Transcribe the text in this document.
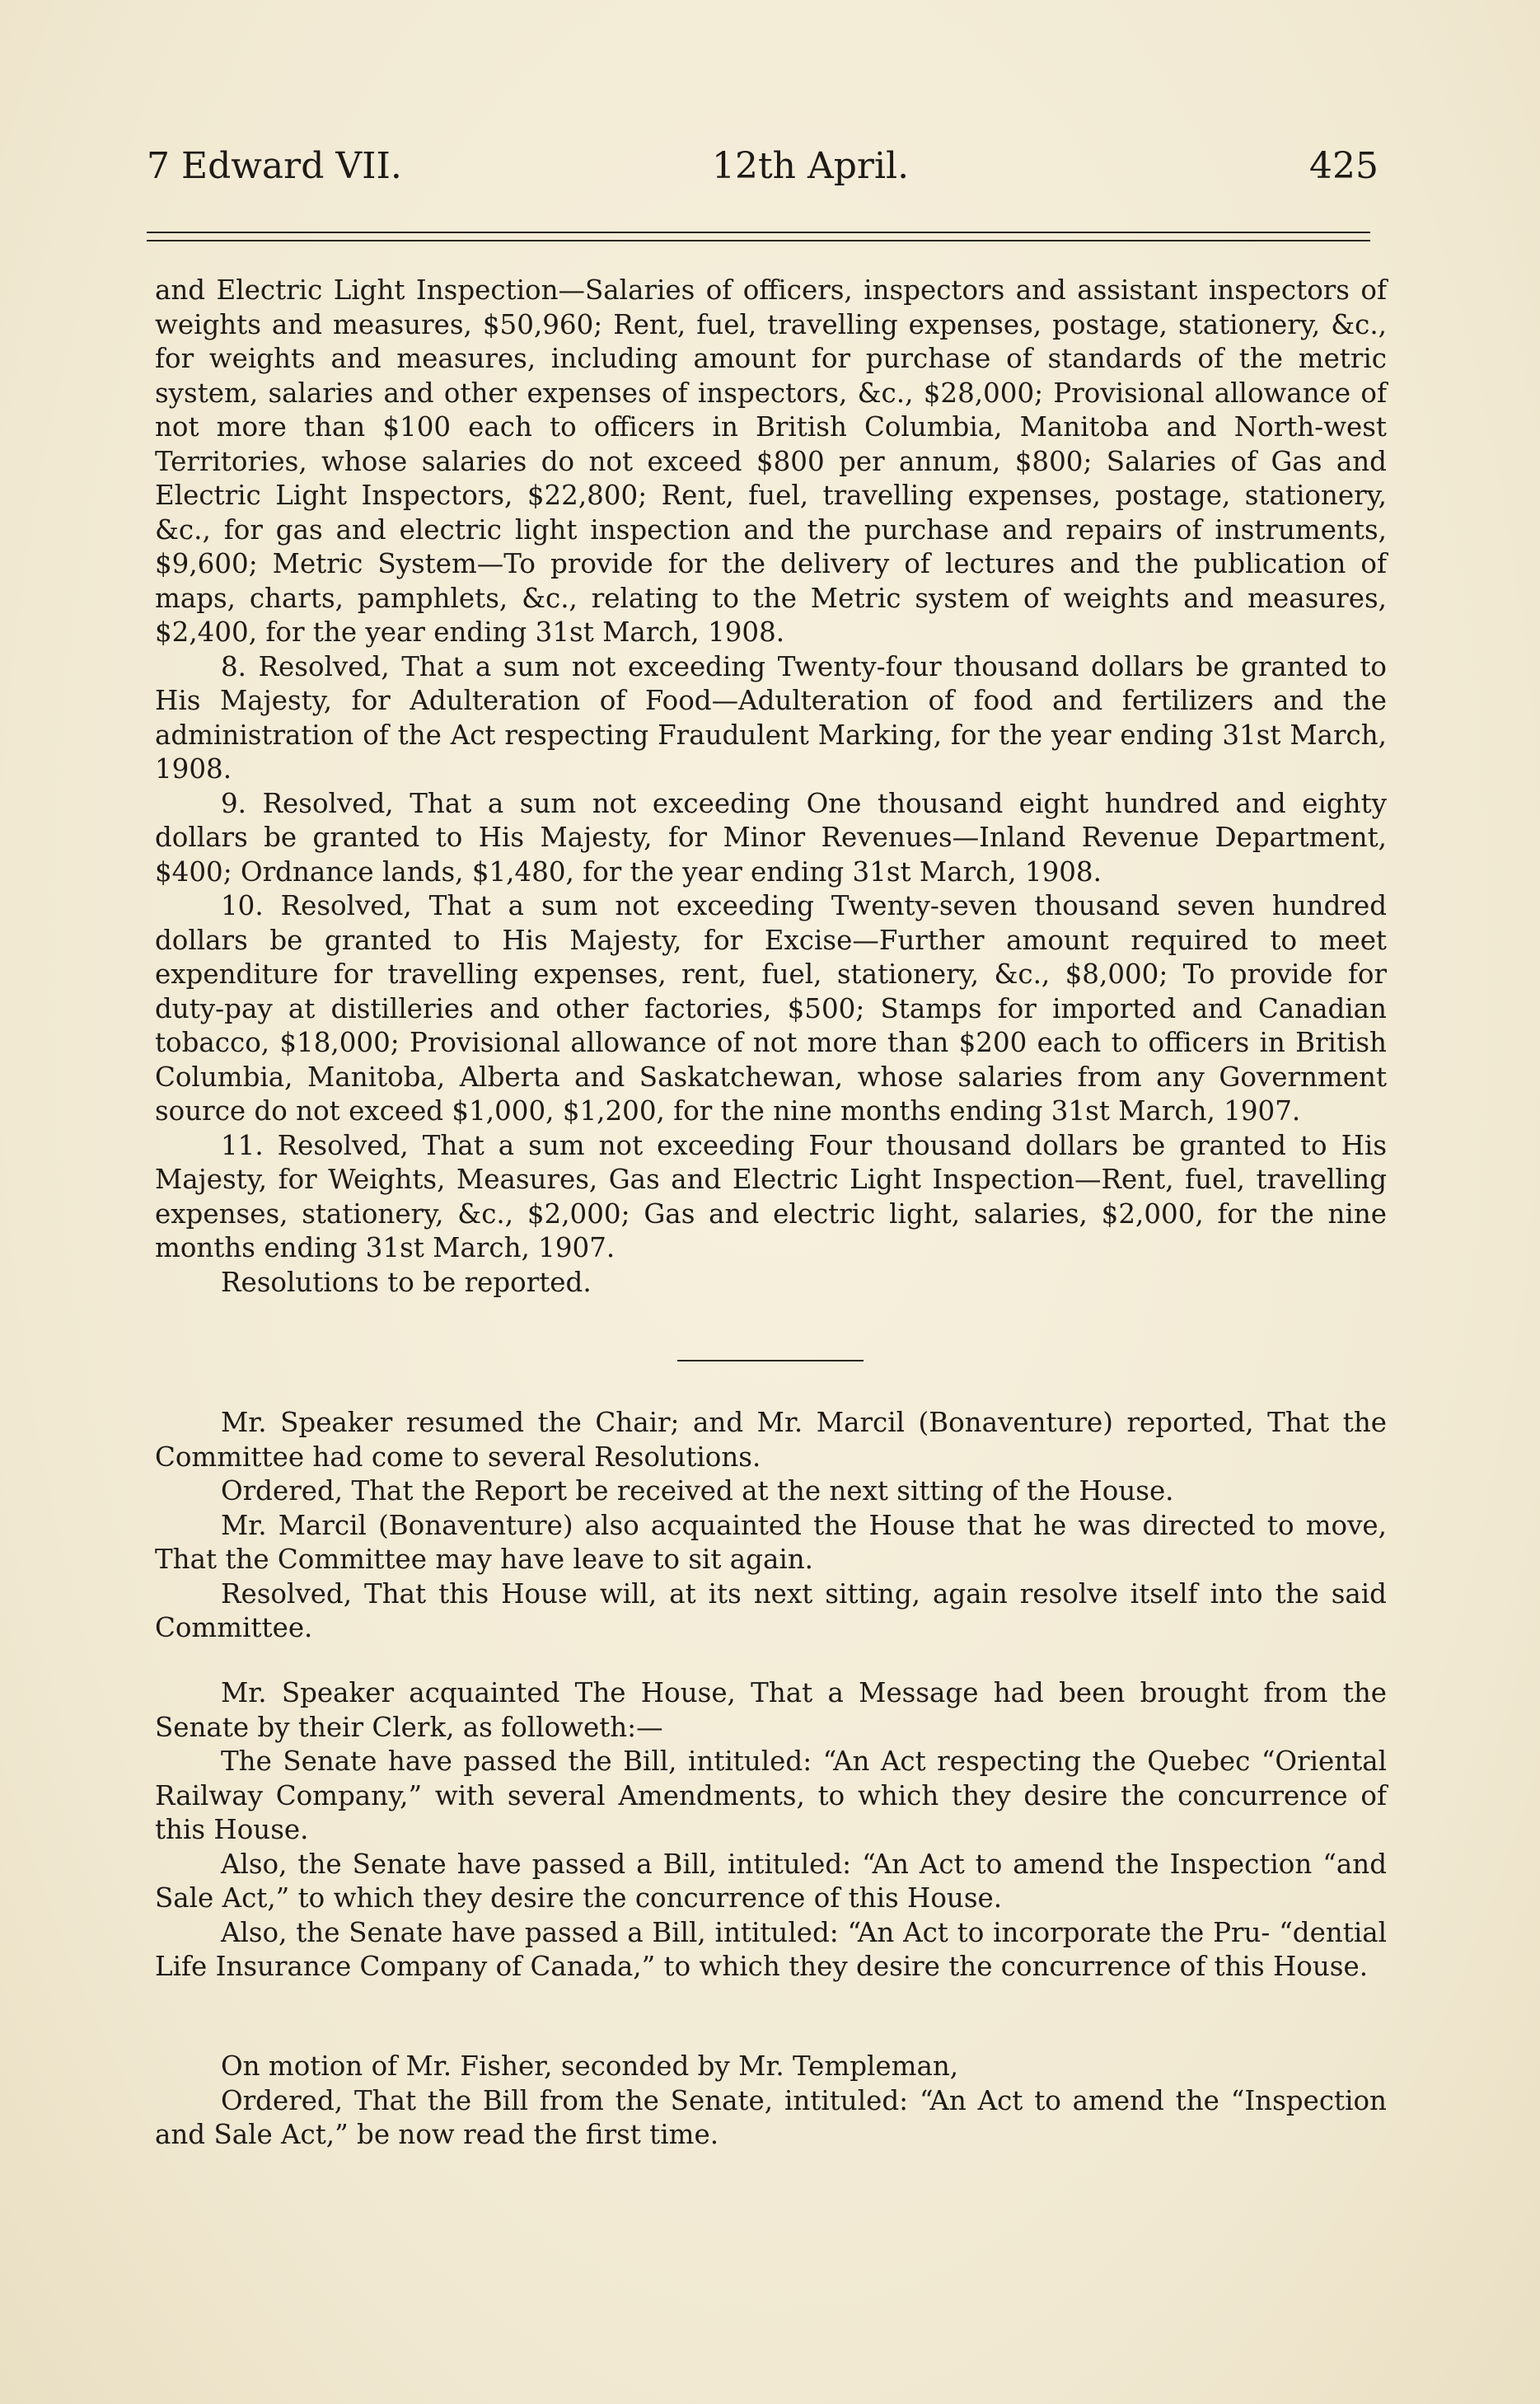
7 Edward VII.	12th April.	425

and Electric Light Inspection—Salaries of officers, inspectors and assistant inspectors of weights and measures, $50,960; Rent, fuel, travelling expenses, postage, stationery, &c., for weights and measures, including amount for purchase of standards of the metric system, salaries and other expenses of inspectors, &c., $28,000; Provisional allowance of not more than $100 each to officers in British Columbia, Manitoba and North-west Territories, whose salaries do not exceed $800 per annum, $800; Salaries of Gas and Electric Light Inspectors, $22,800; Rent, fuel, travelling expenses, postage, stationery, &c., for gas and electric light inspection and the purchase and repairs of instruments, $9,600; Metric System—To provide for the delivery of lectures and the publication of maps, charts, pamphlets, &c., relating to the Metric system of weights and measures, $2,400, for the year ending 31st March, 1908.

8. Resolved, That a sum not exceeding Twenty-four thousand dollars be granted to His Majesty, for Adulteration of Food—Adulteration of food and fertilizers and the administration of the Act respecting Fraudulent Marking, for the year ending 31st March, 1908.

9. Resolved, That a sum not exceeding One thousand eight hundred and eighty dollars be granted to His Majesty, for Minor Revenues—Inland Revenue Department, $400; Ordnance lands, $1,480, for the year ending 31st March, 1908.

10. Resolved, That a sum not exceeding Twenty-seven thousand seven hundred dollars be granted to His Majesty, for Excise—Further amount required to meet expenditure for travelling expenses, rent, fuel, stationery, &c., $8,000; To provide for duty-pay at distilleries and other factories, $500; Stamps for imported and Canadian tobacco, $18,000; Provisional allowance of not more than $200 each to officers in British Columbia, Manitoba, Alberta and Saskatchewan, whose salaries from any Government source do not exceed $1,000, $1,200, for the nine months ending 31st March, 1907.

11. Resolved, That a sum not exceeding Four thousand dollars be granted to His Majesty, for Weights, Measures, Gas and Electric Light Inspection—Rent, fuel, travelling expenses, stationery, &c., $2,000; Gas and electric light, salaries, $2,000, for the nine months ending 31st March, 1907.

Resolutions to be reported.

Mr. Speaker resumed the Chair; and Mr. Marcil (Bonaventure) reported, That the Committee had come to several Resolutions.

Ordered, That the Report be received at the next sitting of the House.

Mr. Marcil (Bonaventure) also acquainted the House that he was directed to move, That the Committee may have leave to sit again.

Resolved, That this House will, at its next sitting, again resolve itself into the said Committee.

Mr. Speaker acquainted The House, That a Message had been brought from the Senate by their Clerk, as followeth:—

The Senate have passed the Bill, intituled: “An Act respecting the Quebec “Oriental Railway Company,” with several Amendments, to which they desire the concurrence of this House.

Also, the Senate have passed a Bill, intituled: “An Act to amend the Inspection “and Sale Act,” to which they desire the concurrence of this House.

Also, the Senate have passed a Bill, intituled: “An Act to incorporate the Pru- “dential Life Insurance Company of Canada,” to which they desire the concurrence of this House.

On motion of Mr. Fisher, seconded by Mr. Templeman,

Ordered, That the Bill from the Senate, intituled: “An Act to amend the “Inspection and Sale Act,” be now read the first time.
